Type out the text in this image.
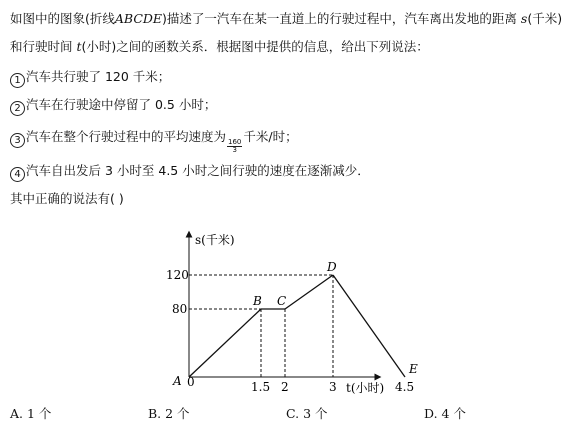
如图中的图象(折线ABCDE)描述了一汽车在某一直道上的行驶过程中，汽车离出发地的距离 s(千米)
和行驶时间 t(小时)之间的函数关系．根据图中提供的信息，给出下列说法：
1 汽车共行驶了 120 千米；
2 汽车在行驶途中停留了 0.5 小时；
3 汽车在整个行驶过程中的平均速度为
$\frac{160}{3}$
千米/时；
4 汽车自出发后 3 小时至 4.5 小时之间行驶的速度在逐渐减少．
其中正确的说法有( )
s(千米)
t(小时)
120
80
1.5 2	3	4.5
0
A
B C
D
E
A. 1 个	B. 2 个	C. 3 个	D. 4 个
